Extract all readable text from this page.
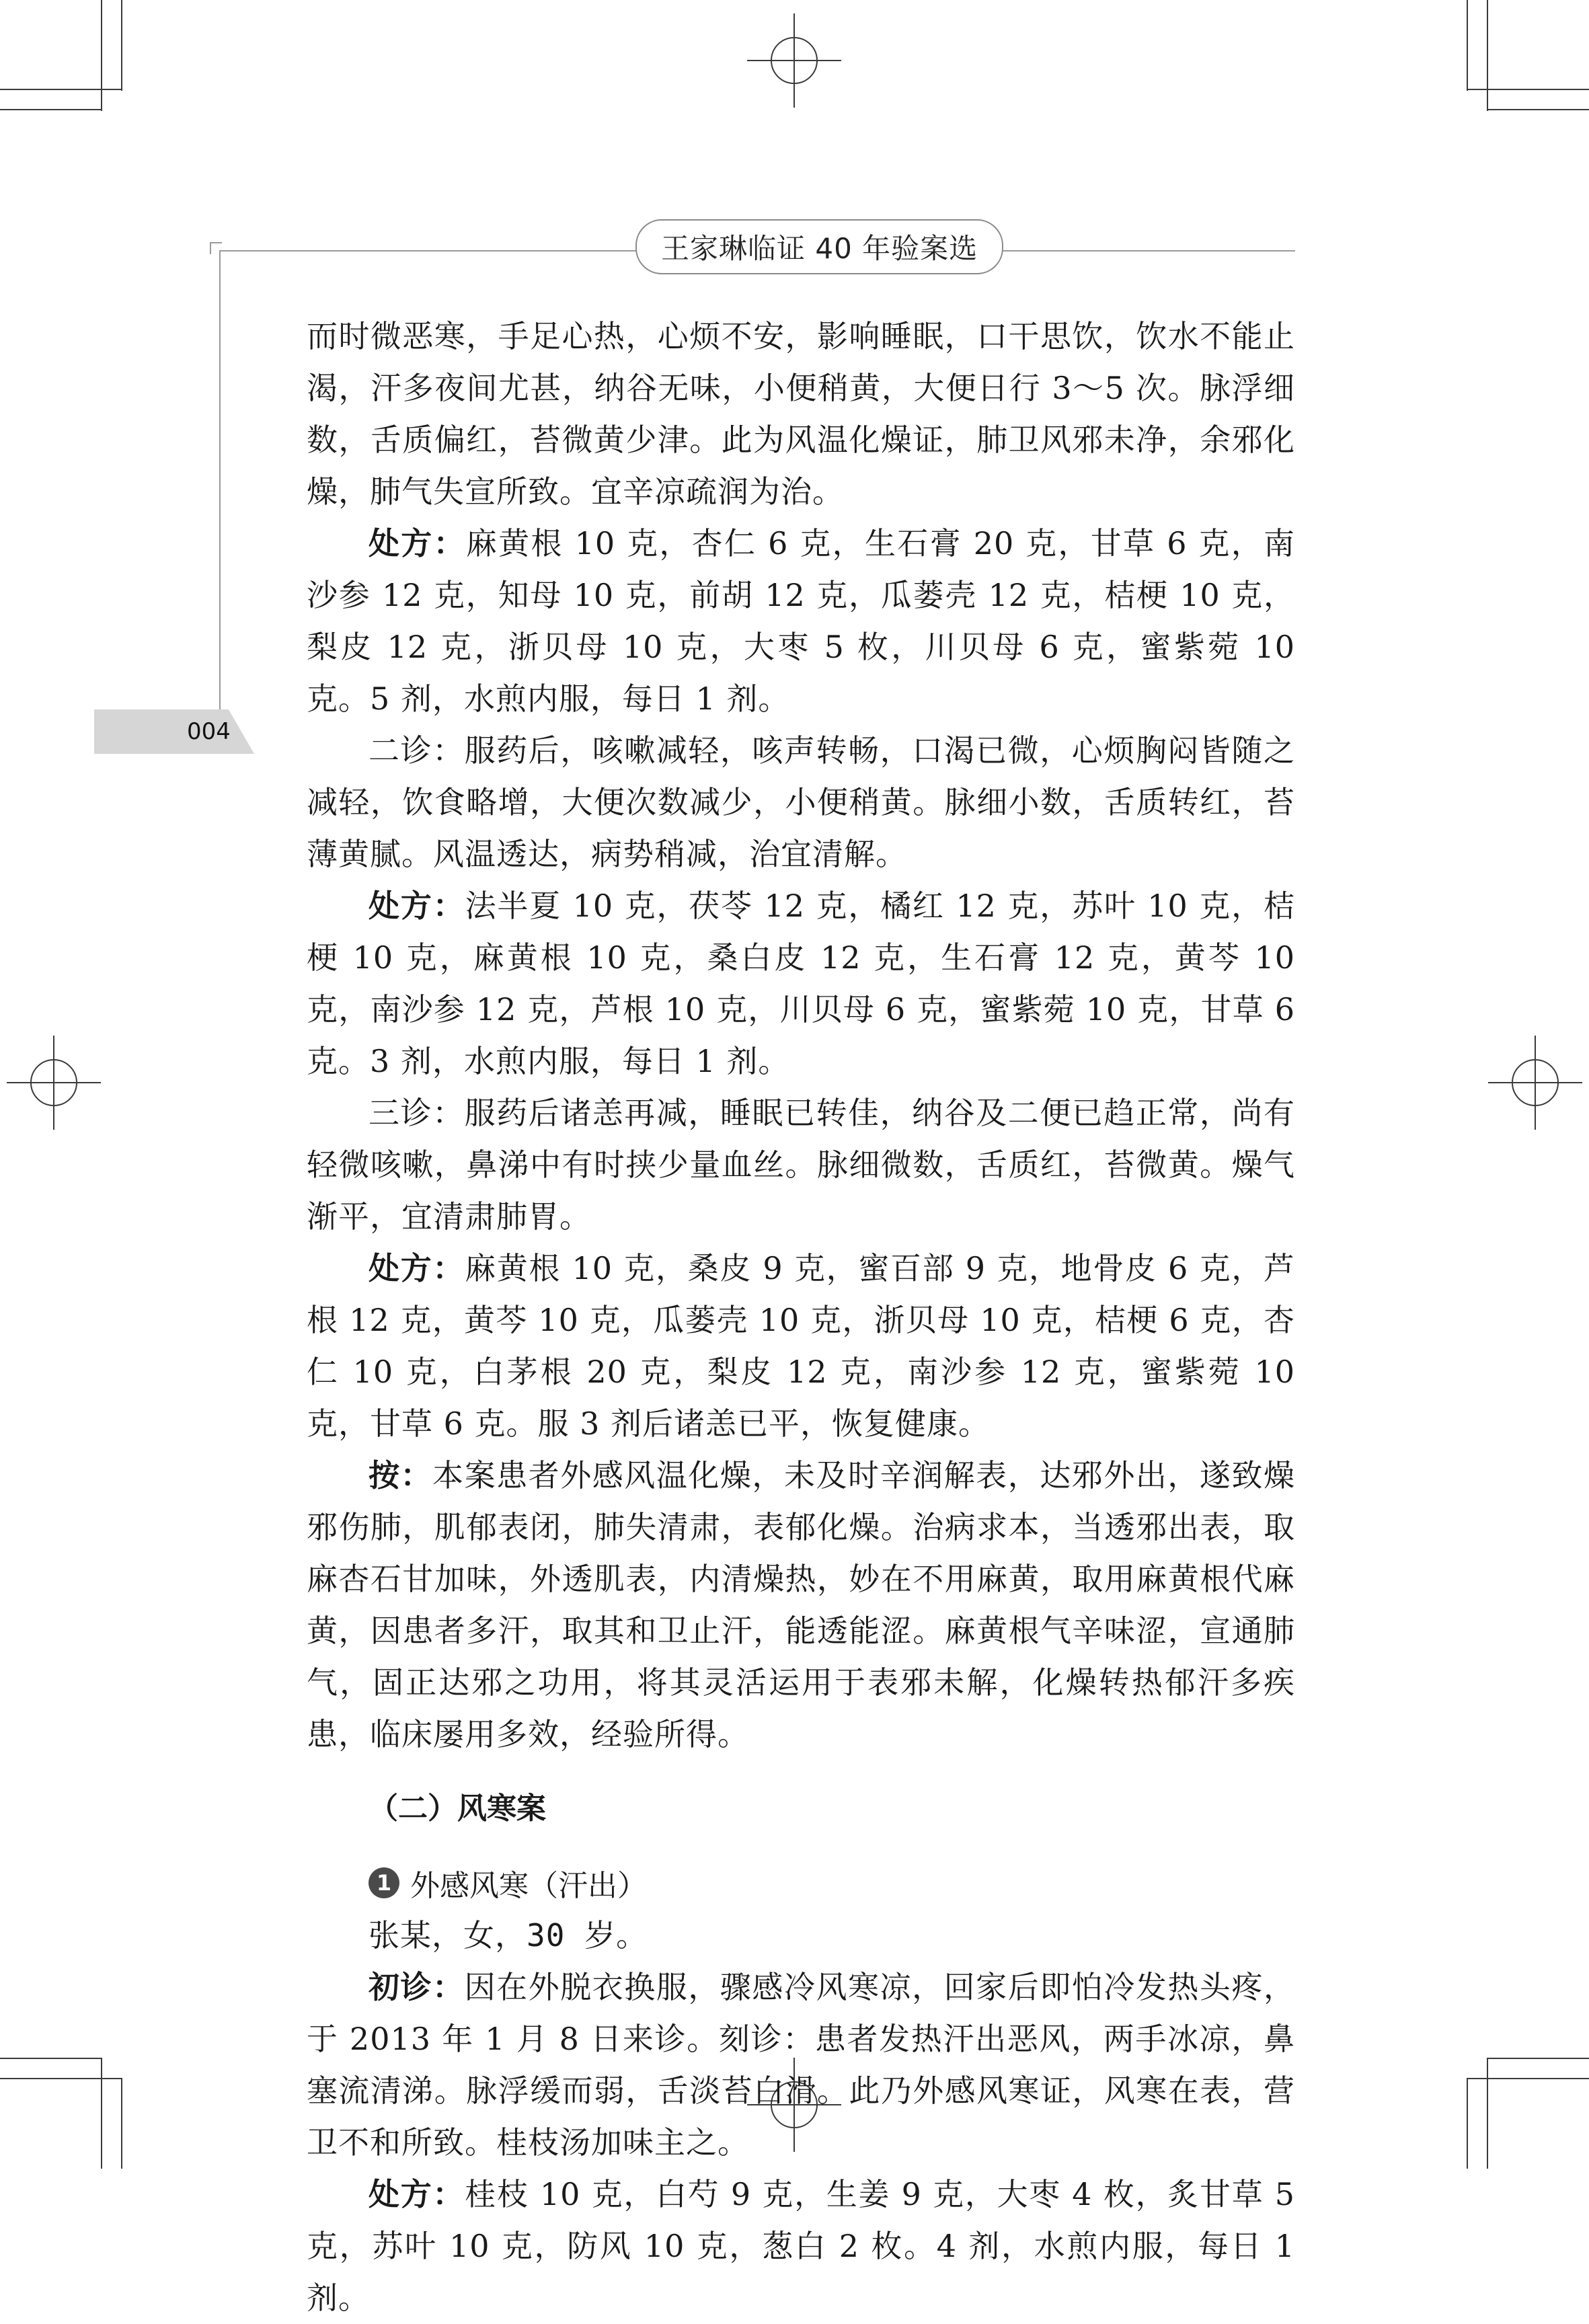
王家琳临证 40 年验案选
004

而时微恶寒，手足心热，心烦不安，影响睡眠，口干思饮，饮水不能止渴，汗多夜间尤甚，纳谷无味，小便稍黄，大便日行 3～5 次。脉浮细数，舌质偏红，苔微黄少津。此为风温化燥证，肺卫风邪未净，余邪化燥，肺气失宣所致。宜辛凉疏润为治。

处方：麻黄根 10 克，杏仁 6 克，生石膏 20 克，甘草 6 克，南沙参 12 克，知母 10 克，前胡 12 克，瓜蒌壳 12 克，桔梗 10 克，梨皮 12 克，浙贝母 10 克，大枣 5 枚，川贝母 6 克，蜜紫菀 10 克。5 剂，水煎内服，每日 1 剂。

二诊：服药后，咳嗽减轻，咳声转畅，口渴已微，心烦胸闷皆随之减轻，饮食略增，大便次数减少，小便稍黄。脉细小数，舌质转红，苔薄黄腻。风温透达，病势稍减，治宜清解。

处方：法半夏 10 克，茯苓 12 克，橘红 12 克，苏叶 10 克，桔梗 10 克，麻黄根 10 克，桑白皮 12 克，生石膏 12 克，黄芩 10 克，南沙参 12 克，芦根 10 克，川贝母 6 克，蜜紫菀 10 克，甘草 6 克。3 剂，水煎内服，每日 1 剂。

三诊：服药后诸恙再减，睡眠已转佳，纳谷及二便已趋正常，尚有轻微咳嗽，鼻涕中有时挟少量血丝。脉细微数，舌质红，苔微黄。燥气渐平，宜清肃肺胃。

处方：麻黄根 10 克，桑皮 9 克，蜜百部 9 克，地骨皮 6 克，芦根 12 克，黄芩 10 克，瓜蒌壳 10 克，浙贝母 10 克，桔梗 6 克，杏仁 10 克，白茅根 20 克，梨皮 12 克，南沙参 12 克，蜜紫菀 10 克，甘草 6 克。服 3 剂后诸恙已平，恢复健康。

按：本案患者外感风温化燥，未及时辛润解表，达邪外出，遂致燥邪伤肺，肌郁表闭，肺失清肃，表郁化燥。治病求本，当透邪出表，取麻杏石甘加味，外透肌表，内清燥热，妙在不用麻黄，取用麻黄根代麻黄，因患者多汗，取其和卫止汗，能透能涩。麻黄根气辛味涩，宣通肺气，固正达邪之功用，将其灵活运用于表邪未解，化燥转热郁汗多疾患，临床屡用多效，经验所得。

（二）风寒案
1 外感风寒（汗出）

张某，女，30 岁。

初诊：因在外脱衣换服，骤感冷风寒凉，回家后即怕冷发热头疼，于 2013 年 1 月 8 日来诊。刻诊：患者发热汗出恶风，两手冰凉，鼻塞流清涕。脉浮缓而弱，舌淡苔白滑。此乃外感风寒证，风寒在表，营卫不和所致。桂枝汤加味主之。

处方：桂枝 10 克，白芍 9 克，生姜 9 克，大枣 4 枚，炙甘草 5 克，苏叶 10 克，防风 10 克，葱白 2 枚。4 剂，水煎内服，每日 1 剂。
